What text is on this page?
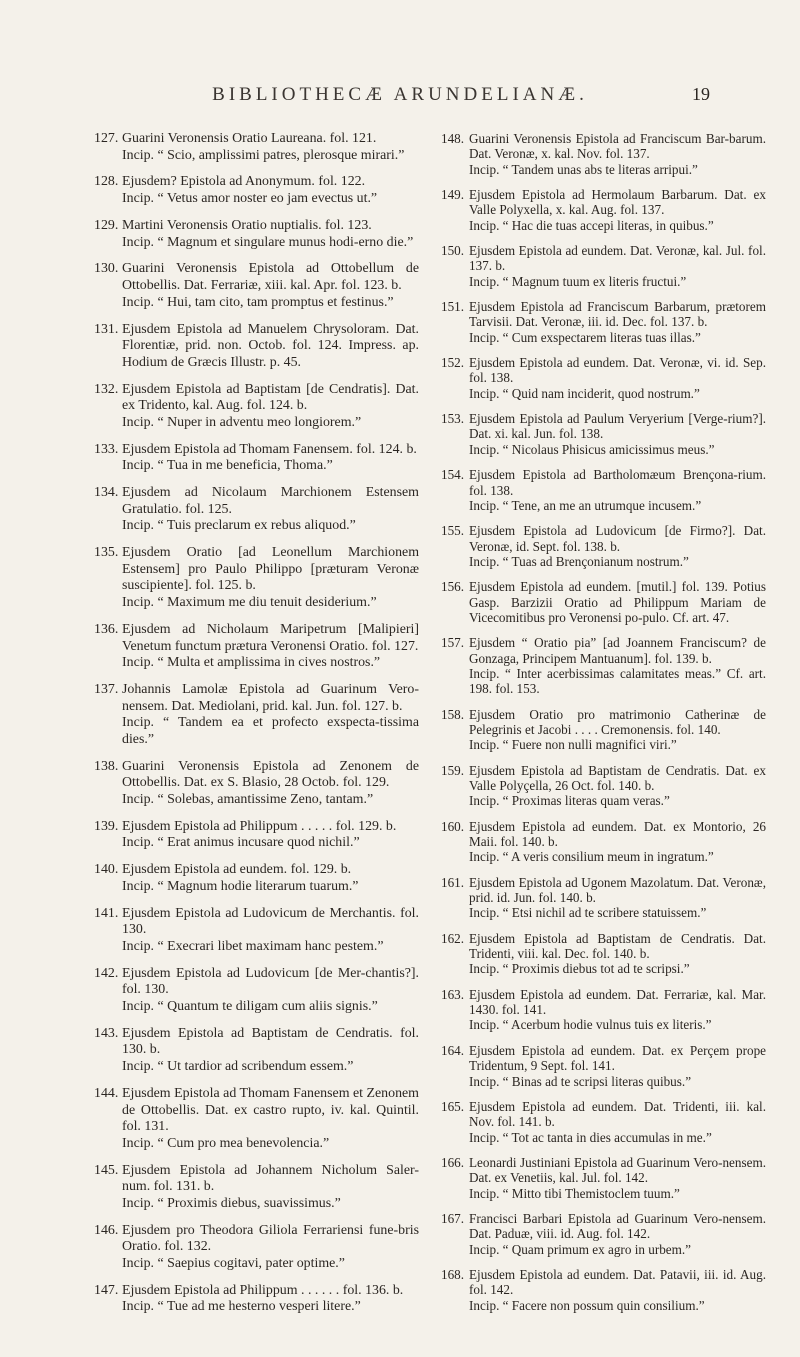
BIBLIOTHECÆ ARUNDELIANÆ.	19
127. Guarini Veronensis Oratio Laureana. fol. 121.

Incip. “ Scio, amplissimi patres, plerosque mirari.”

128. Ejusdem? Epistola ad Anonymum. fol. 122.

Incip. “ Vetus amor noster eo jam evectus ut.”

129. Martini Veronensis Oratio nuptialis. fol. 123.

Incip. “ Magnum et singulare munus hodi-erno die.”

130. Guarini Veronensis Epistola ad Ottobellum de Ottobellis. Dat. Ferrariæ, xiii. kal. Apr. fol. 123. b.

Incip. “ Hui, tam cito, tam promptus et festinus.”

131. Ejusdem Epistola ad Manuelem Chrysoloram. Dat. Florentiæ, prid. non. Octob. fol. 124. Impress. ap. Hodium de Græcis Illustr. p. 45.

132. Ejusdem Epistola ad Baptistam [de Cendratis]. Dat. ex Tridento, kal. Aug. fol. 124. b.

Incip. “ Nuper in adventu meo longiorem.”

133. Ejusdem Epistola ad Thomam Fanensem. fol. 124. b.

Incip. “ Tua in me beneficia, Thoma.”

134. Ejusdem ad Nicolaum Marchionem Estensem Gratulatio. fol. 125.

Incip. “ Tuis preclarum ex rebus aliquod.”

135. Ejusdem Oratio [ad Leonellum Marchionem Estensem] pro Paulo Philippo [præturam Veronæ suscipiente]. fol. 125. b.

Incip. “ Maximum me diu tenuit desiderium.”

136. Ejusdem ad Nicholaum Maripetrum [Malipieri] Venetum functum prætura Veronensi Oratio. fol. 127.

Incip. “ Multa et amplissima in cives nostros.”

137. Johannis Lamolæ Epistola ad Guarinum Vero-nensem. Dat. Mediolani, prid. kal. Jun. fol. 127. b.

Incip. “ Tandem ea et profecto exspecta-tissima dies.”

138. Guarini Veronensis Epistola ad Zenonem de Ottobellis. Dat. ex S. Blasio, 28 Octob. fol. 129.

Incip. “ Solebas, amantissime Zeno, tantam.”

139. Ejusdem Epistola ad Philippum . . . . . fol. 129. b.

Incip. “ Erat animus incusare quod nichil.”

140. Ejusdem Epistola ad eundem. fol. 129. b.

Incip. “ Magnum hodie literarum tuarum.”

141. Ejusdem Epistola ad Ludovicum de Merchantis. fol. 130.

Incip. “ Execrari libet maximam hanc pestem.”

142. Ejusdem Epistola ad Ludovicum [de Mer-chantis?]. fol. 130.

Incip. “ Quantum te diligam cum aliis signis.”

143. Ejusdem Epistola ad Baptistam de Cendratis. fol. 130. b.

Incip. “ Ut tardior ad scribendum essem.”

144. Ejusdem Epistola ad Thomam Fanensem et Zenonem de Ottobellis. Dat. ex castro rupto, iv. kal. Quintil. fol. 131.

Incip. “ Cum pro mea benevolencia.”

145. Ejusdem Epistola ad Johannem Nicholum Saler-num. fol. 131. b.

Incip. “ Proximis diebus, suavissimus.”

146. Ejusdem pro Theodora Giliola Ferrariensi fune-bris Oratio. fol. 132.

Incip. “ Saepius cogitavi, pater optime.”

147. Ejusdem Epistola ad Philippum . . . . . . fol. 136. b.

Incip. “ Tue ad me hesterno vesperi litere.”

148. Guarini Veronensis Epistola ad Franciscum Bar-barum. Dat. Veronæ, x. kal. Nov. fol. 137.

Incip. “ Tandem unas abs te literas arripui.”

149. Ejusdem Epistola ad Hermolaum Barbarum. Dat. ex Valle Polyxella, x. kal. Aug. fol. 137.

Incip. “ Hac die tuas accepi literas, in quibus.”

150. Ejusdem Epistola ad eundem. Dat. Veronæ, kal. Jul. fol. 137. b.

Incip. “ Magnum tuum ex literis fructui.”

151. Ejusdem Epistola ad Franciscum Barbarum, prætorem Tarvisii. Dat. Veronæ, iii. id. Dec. fol. 137. b.

Incip. “ Cum exspectarem literas tuas illas.”

152. Ejusdem Epistola ad eundem. Dat. Veronæ, vi. id. Sep. fol. 138.

Incip. “ Quid nam inciderit, quod nostrum.”

153. Ejusdem Epistola ad Paulum Veryerium [Verge-rium?]. Dat. xi. kal. Jun. fol. 138.

Incip. “ Nicolaus Phisicus amicissimus meus.”

154. Ejusdem Epistola ad Bartholomæum Brençona-rium. fol. 138.

Incip. “ Tene, an me an utrumque incusem.”

155. Ejusdem Epistola ad Ludovicum [de Firmo?]. Dat. Veronæ, id. Sept. fol. 138. b.

Incip. “ Tuas ad Brençonianum nostrum.”

156. Ejusdem Epistola ad eundem. [mutil.] fol. 139. Potius Gasp. Barzizii Oratio ad Philippum Mariam de Vicecomitibus pro Veronensi po-pulo. Cf. art. 47.

157. Ejusdem “ Oratio pia” [ad Joannem Franciscum? de Gonzaga, Principem Mantuanum]. fol. 139. b.

Incip. “ Inter acerbissimas calamitates meas.” Cf. art. 198. fol. 153.

158. Ejusdem Oratio pro matrimonio Catherinæ de Pelegrinis et Jacobi . . . . Cremonensis. fol. 140.

Incip. “ Fuere non nulli magnifici viri.”

159. Ejusdem Epistola ad Baptistam de Cendratis. Dat. ex Valle Polyçella, 26 Oct. fol. 140. b.

Incip. “ Proximas literas quam veras.”

160. Ejusdem Epistola ad eundem. Dat. ex Montorio, 26 Maii. fol. 140. b.

Incip. “ A veris consilium meum in ingratum.”

161. Ejusdem Epistola ad Ugonem Mazolatum. Dat. Veronæ, prid. id. Jun. fol. 140. b.

Incip. “ Etsi nichil ad te scribere statuissem.”

162. Ejusdem Epistola ad Baptistam de Cendratis. Dat. Tridenti, viii. kal. Dec. fol. 140. b.

Incip. “ Proximis diebus tot ad te scripsi.”

163. Ejusdem Epistola ad eundem. Dat. Ferrariæ, kal. Mar. 1430. fol. 141.

Incip. “ Acerbum hodie vulnus tuis ex literis.”

164. Ejusdem Epistola ad eundem. Dat. ex Perçem prope Tridentum, 9 Sept. fol. 141.

Incip. “ Binas ad te scripsi literas quibus.”

165. Ejusdem Epistola ad eundem. Dat. Tridenti, iii. kal. Nov. fol. 141. b.

Incip. “ Tot ac tanta in dies accumulas in me.”

166. Leonardi Justiniani Epistola ad Guarinum Vero-nensem. Dat. ex Venetiis, kal. Jul. fol. 142.

Incip. “ Mitto tibi Themistoclem tuum.”

167. Francisci Barbari Epistola ad Guarinum Vero-nensem. Dat. Paduæ, viii. id. Aug. fol. 142.

Incip. “ Quam primum ex agro in urbem.”

168. Ejusdem Epistola ad eundem. Dat. Patavii, iii. id. Aug. fol. 142.

Incip. “ Facere non possum quin consilium.”
